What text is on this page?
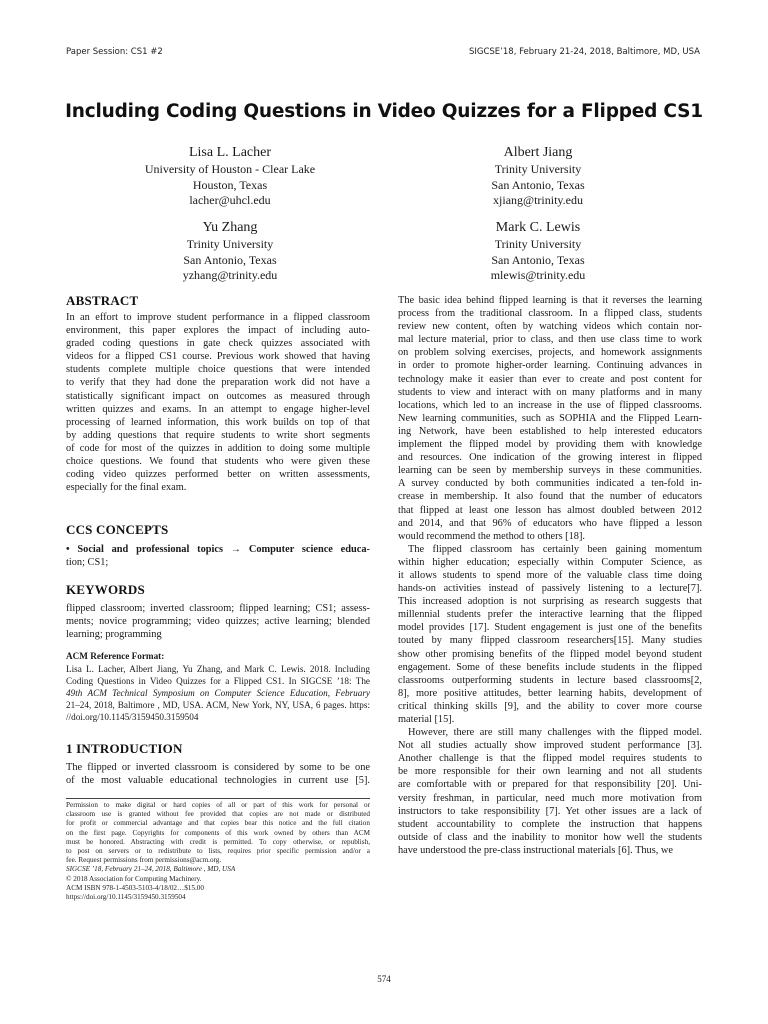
Paper Session: CS1 #2	SIGCSE’18, February 21-24, 2018, Baltimore, MD, USA
Including Coding Questions in Video Quizzes for a Flipped CS1
Lisa L. Lacher
University of Houston - Clear Lake
Houston, Texas
lacher@uhcl.edu
Albert Jiang
Trinity University
San Antonio, Texas
xjiang@trinity.edu
Yu Zhang
Trinity University
San Antonio, Texas
yzhang@trinity.edu
Mark C. Lewis
Trinity University
San Antonio, Texas
mlewis@trinity.edu
ABSTRACT
In an effort to improve student performance in a flipped classroom
environment, this paper explores the impact of including auto-
graded coding questions in gate check quizzes associated with
videos for a flipped CS1 course. Previous work showed that having
students complete multiple choice questions that were intended
to verify that they had done the preparation work did not have a
statistically significant impact on outcomes as measured through
written quizzes and exams. In an attempt to engage higher-level
processing of learned information, this work builds on top of that
by adding questions that require students to write short segments
of code for most of the quizzes in addition to doing some multiple
choice questions. We found that students who were given these
coding video quizzes performed better on written assessments,
especially for the final exam.
CCS CONCEPTS
• Social and professional topics → Computer science educa-
tion; CS1;
KEYWORDS
flipped classroom; inverted classroom; flipped learning; CS1; assess-
ments; novice programming; video quizzes; active learning; blended
learning; programming
ACM Reference Format:
Lisa L. Lacher, Albert Jiang, Yu Zhang, and Mark C. Lewis. 2018. Including
Coding Questions in Video Quizzes for a Flipped CS1. In SIGCSE ’18: The
49th ACM Technical Symposium on Computer Science Education, February
21–24, 2018, Baltimore , MD, USA. ACM, New York, NY, USA, 6 pages. https:
//doi.org/10.1145/3159450.3159504
1 INTRODUCTION
The flipped or inverted classroom is considered by some to be one
of the most valuable educational technologies in current use [5].
Permission to make digital or hard copies of all or part of this work for personal or
classroom use is granted without fee provided that copies are not made or distributed
for profit or commercial advantage and that copies bear this notice and the full citation
on the first page. Copyrights for components of this work owned by others than ACM
must be honored. Abstracting with credit is permitted. To copy otherwise, or republish,
to post on servers or to redistribute to lists, requires prior specific permission and/or a
fee. Request permissions from permissions@acm.org.
SIGCSE ’18, February 21–24, 2018, Baltimore , MD, USA
© 2018 Association for Computing Machinery.
ACM ISBN 978-1-4503-5103-4/18/02…$15.00
https://doi.org/10.1145/3159450.3159504
The basic idea behind flipped learning is that it reverses the learning
process from the traditional classroom. In a flipped class, students
review new content, often by watching videos which contain nor-
mal lecture material, prior to class, and then use class time to work
on problem solving exercises, projects, and homework assignments
in order to promote higher-order learning. Continuing advances in
technology make it easier than ever to create and post content for
students to view and interact with on many platforms and in many
locations, which led to an increase in the use of flipped classrooms.
New learning communities, such as SOPHIA and the Flipped Learn-
ing Network, have been established to help interested educators
implement the flipped model by providing them with knowledge
and resources. One indication of the growing interest in flipped
learning can be seen by membership surveys in these communities.
A survey conducted by both communities indicated a ten-fold in-
crease in membership. It also found that the number of educators
that flipped at least one lesson has almost doubled between 2012
and 2014, and that 96% of educators who have flipped a lesson
would recommend the method to others [18].
The flipped classroom has certainly been gaining momentum
within higher education; especially within Computer Science, as
it allows students to spend more of the valuable class time doing
hands-on activities instead of passively listening to a lecture[7].
This increased adoption is not surprising as research suggests that
millennial students prefer the interactive learning that the flipped
model provides [17]. Student engagement is just one of the benefits
touted by many flipped classroom researchers[15]. Many studies
show other promising benefits of the flipped model beyond student
engagement. Some of these benefits include students in the flipped
classrooms outperforming students in lecture based classrooms[2,
8], more positive attitudes, better learning habits, development of
critical thinking skills [9], and the ability to cover more course
material [15].
However, there are still many challenges with the flipped model.
Not all studies actually show improved student performance [3].
Another challenge is that the flipped model requires students to
be more responsible for their own learning and not all students
are comfortable with or prepared for that responsibility [20]. Uni-
versity freshman, in particular, need much more motivation from
instructors to take responsibility [7]. Yet other issues are a lack of
student accountability to complete the instruction that happens
outside of class and the inability to monitor how well the students
have understood the pre-class instructional materials [6]. Thus, we
574
